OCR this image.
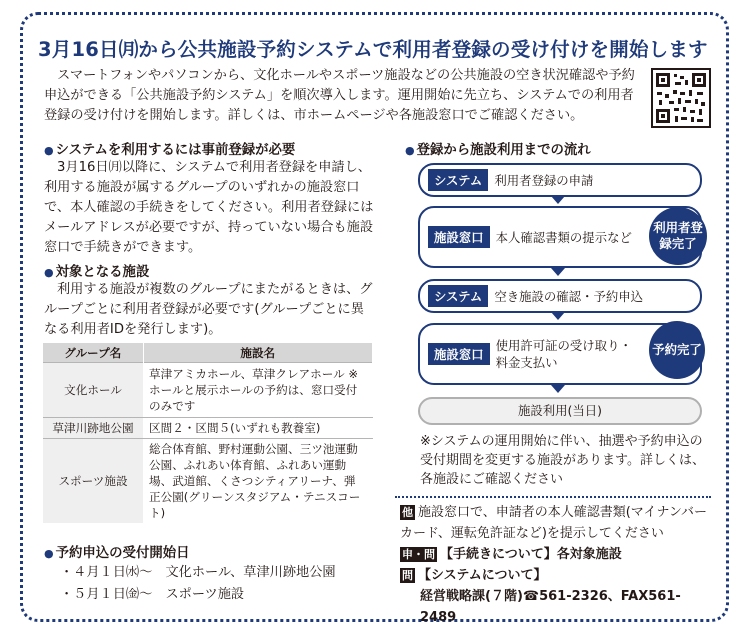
3月16日㈪から公共施設予約システムで利用者登録の受け付けを開始します
スマートフォンやパソコンから、文化ホールやスポーツ施設などの公共施設の空き状況確認や予約申込ができる「公共施設予約システム」を順次導入します。運用開始に先立ち、システムでの利用者登録の受け付けを開始します。詳しくは、市ホームページや各施設窓口でご確認ください。
● システムを利用するには事前登録が必要
3月16日㈪以降に、システムで利用者登録を申請し、利用する施設が属するグループのいずれかの施設窓口で、本人確認の手続きをしてください。利用者登録にはメールアドレスが必要ですが、持っていない場合も施設窓口で手続きができます。
● 対象となる施設
利用する施設が複数のグループにまたがるときは、グループごとに利用者登録が必要です(グループごとに異なる利用者IDを発行します)。
グループ名	施設名
文化ホール	草津アミカホール、草津クレアホール ※ホールと展示ホールの予約は、窓口受付のみです
草津川跡地公園	区間２・区間５(いずれも教養室)
スポーツ施設	総合体育館、野村運動公園、三ツ池運動公園、ふれあい体育館、ふれあい運動場、武道館、くさつシティアリーナ、弾正公園(グリーンスタジアム・テニスコート)
● 予約申込の受付開始日
・４月１日㈬～　 文化ホール、草津川跡地公園
・５月１日㈮～　 スポーツ施設
● 登録から施設利用までの流れ
システム 利用者登録の申請
施設窓口 本人確認書類の提示など
利用者登録完了
システム 空き施設の確認・予約申込
施設窓口
使用許可証の受け取り・料金支払い
予約完了
施設利用(当日)
※システムの運用開始に伴い、抽選や予約申込の受付期間を変更する施設があります。詳しくは、各施設にご確認ください
他 施設窓口で、申請者の本人確認書類(マイナンバーカード、運転免許証など)を提示してください
申・問 【手続きについて】各対象施設
問 【システムについて】
経営戦略課(７階)☎561-2326、FAX561-2489
